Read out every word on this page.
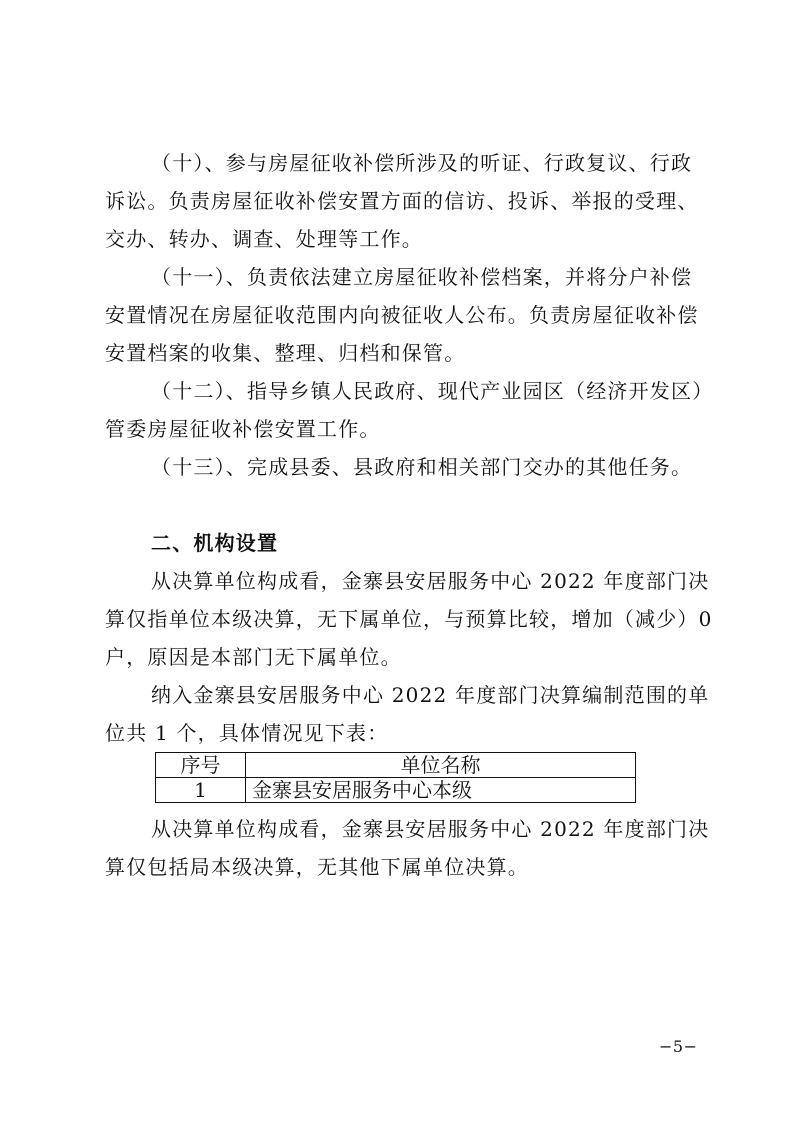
（十）、参与房屋征收补偿所涉及的听证、行政复议、行政
诉讼。负责房屋征收补偿安置方面的信访、投诉、举报的受理、
交办、转办、调查、处理等工作。
（十一）、负责依法建立房屋征收补偿档案，并将分户补偿
安置情况在房屋征收范围内向被征收人公布。负责房屋征收补偿
安置档案的收集、整理、归档和保管。
（十二）、指导乡镇人民政府、现代产业园区（经济开发区）
管委房屋征收补偿安置工作。
（十三）、完成县委、县政府和相关部门交办的其他任务。
二、机构设置
从决算单位构成看，金寨县安居服务中心 2022 年度部门决
算仅指单位本级决算，无下属单位，与预算比较，增加（减少）0
户，原因是本部门无下属单位。
纳入金寨县安居服务中心 2022 年度部门决算编制范围的单
位共 1 个，具体情况见下表：
序号	单位名称
1	金寨县安居服务中心本级
从决算单位构成看，金寨县安居服务中心 2022 年度部门决
算仅包括局本级决算，无其他下属单位决算。
−5−
